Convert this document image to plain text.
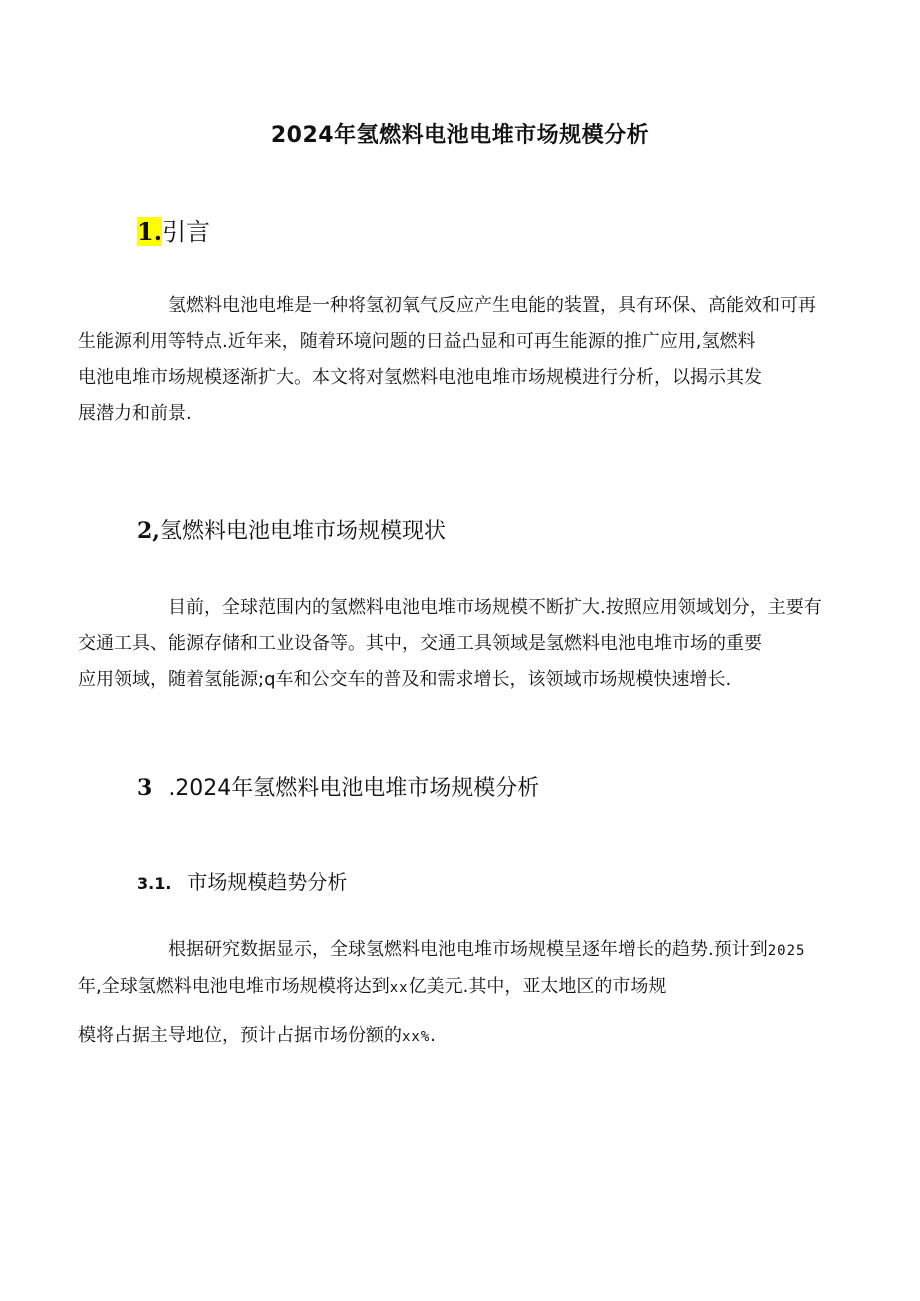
2024年氢燃料电池电堆市场规模分析
1.引言
氢燃料电池电堆是一种将氢初氧气反应产生电能的装置，具有环保、高能效和可再
生能源利用等特点.近年来，随着环境问题的日益凸显和可再生能源的推广应用,氢燃料
电池电堆市场规模逐渐扩大。本文将对氢燃料电池电堆市场规模进行分析，以揭示其发
展潜力和前景.
2,氢燃料电池电堆市场规模现状
目前，全球范围内的氢燃料电池电堆市场规模不断扩大.按照应用领域划分，主要有
交通工具、能源存储和工业设备等。其中，交通工具领域是氢燃料电池电堆市场的重要
应用领域，随着氢能源;q车和公交车的普及和需求增长，该领域市场规模快速增长.
3 .2024年氢燃料电池电堆市场规模分析
3.1. 市场规模趋势分析
根据研究数据显示，全球氢燃料电池电堆市场规模呈逐年增长的趋势.预计到2025
年,全球氢燃料电池电堆市场规模将达到xx亿美元.其中，亚太地区的市场规
模将占据主导地位，预计占据市场份额的xx%.
